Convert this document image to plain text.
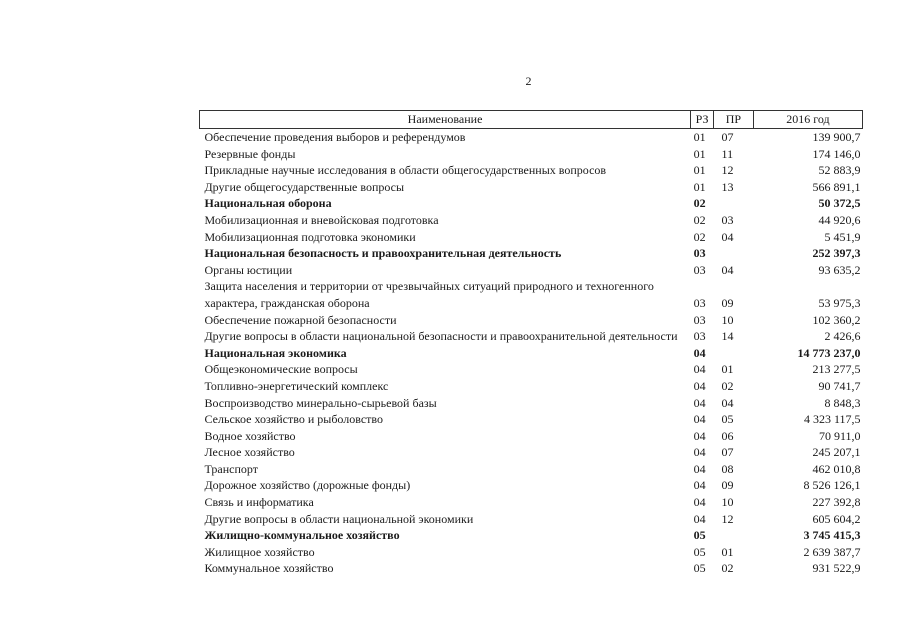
2
Наименование	РЗ	ПР	2016 год
Обеспечение проведения выборов и референдумов	01	07	139 900,7
Резервные фонды	01	11	174 146,0
Прикладные научные исследования в области общегосударственных вопросов	01	12	52 883,9
Другие общегосударственные вопросы	01	13	566 891,1
Национальная оборона	02		50 372,5
Мобилизационная и вневойсковая подготовка	02	03	44 920,6
Мобилизационная подготовка экономики	02	04	5 451,9
Национальная безопасность и правоохранительная деятельность	03		252 397,3
Органы юстиции	03	04	93 635,2
Защита населения и территории от чрезвычайных ситуаций природного и техногенного характера, гражданская оборона	03	09	53 975,3
Обеспечение пожарной безопасности	03	10	102 360,2
Другие вопросы в области национальной безопасности и правоохранительной деятельности	03	14	2 426,6
Национальная экономика	04		14 773 237,0
Общеэкономические вопросы	04	01	213 277,5
Топливно-энергетический комплекс	04	02	90 741,7
Воспроизводство минерально-сырьевой базы	04	04	8 848,3
Сельское хозяйство и рыболовство	04	05	4 323 117,5
Водное хозяйство	04	06	70 911,0
Лесное хозяйство	04	07	245 207,1
Транспорт	04	08	462 010,8
Дорожное хозяйство (дорожные фонды)	04	09	8 526 126,1
Связь и информатика	04	10	227 392,8
Другие вопросы в области национальной экономики	04	12	605 604,2
Жилищно-коммунальное хозяйство	05		3 745 415,3
Жилищное хозяйство	05	01	2 639 387,7
Коммунальное хозяйство	05	02	931 522,9
